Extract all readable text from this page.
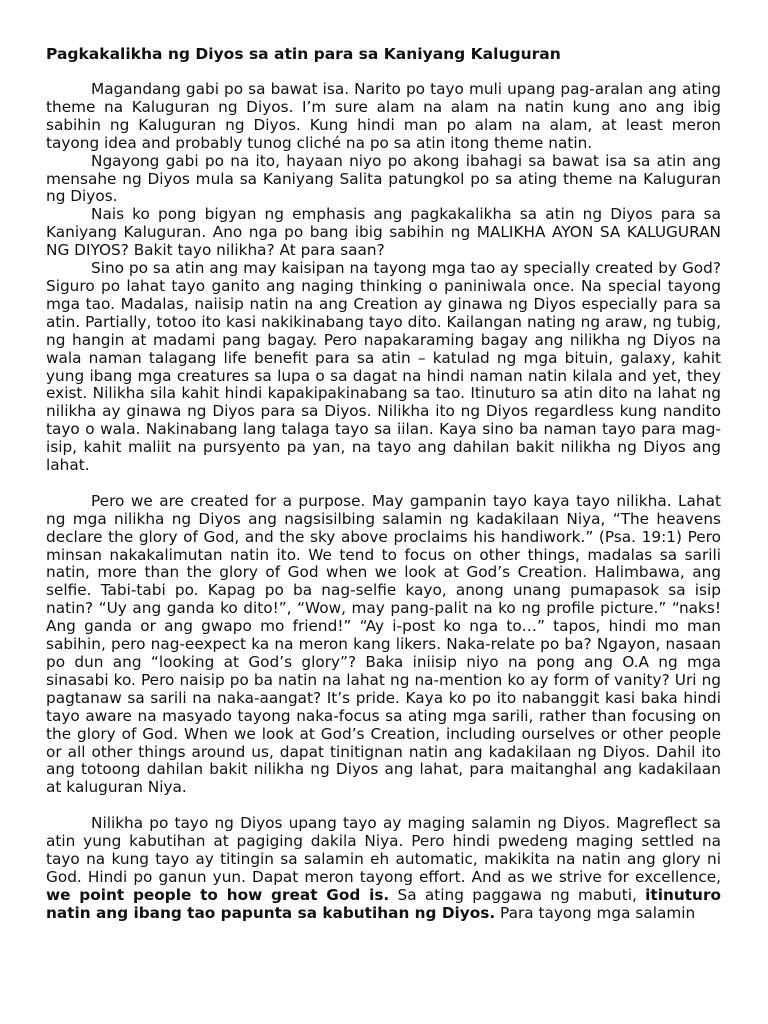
Pagkakalikha ng Diyos sa atin para sa Kaniyang Kaluguran

Magandang gabi po sa bawat isa. Narito po tayo muli upang pag-aralan ang ating theme na Kaluguran ng Diyos. I’m sure alam na alam na natin kung ano ang ibig sabihin ng Kaluguran ng Diyos. Kung hindi man po alam na alam, at least meron tayong idea and probably tunog cliché na po sa atin itong theme natin.

Ngayong gabi po na ito, hayaan niyo po akong ibahagi sa bawat isa sa atin ang mensahe ng Diyos mula sa Kaniyang Salita patungkol po sa ating theme na Kaluguran ng Diyos.

Nais ko pong bigyan ng emphasis ang pagkakalikha sa atin ng Diyos para sa Kaniyang Kaluguran. Ano nga po bang ibig sabihin ng MALIKHA AYON SA KALUGURAN NG DIYOS? Bakit tayo nilikha? At para saan?

Sino po sa atin ang may kaisipan na tayong mga tao ay specially created by God? Siguro po lahat tayo ganito ang naging thinking o paniniwala once. Na special tayong mga tao. Madalas, naiisip natin na ang Creation ay ginawa ng Diyos especially para sa atin. Partially, totoo ito kasi nakikinabang tayo dito. Kailangan nating ng araw, ng tubig, ng hangin at madami pang bagay. Pero napakaraming bagay ang nilikha ng Diyos na wala naman talagang life benefit para sa atin – katulad ng mga bituin, galaxy, kahit yung ibang mga creatures sa lupa o sa dagat na hindi naman natin kilala and yet, they exist. Nilikha sila kahit hindi kapakipakinabang sa tao. Itinuturo sa atin dito na lahat ng nilikha ay ginawa ng Diyos para sa Diyos. Nilikha ito ng Diyos regardless kung nandito tayo o wala. Nakinabang lang talaga tayo sa iilan. Kaya sino ba naman tayo para mag-isip, kahit maliit na pursyento pa yan, na tayo ang dahilan bakit nilikha ng Diyos ang lahat.

Pero we are created for a purpose. May gampanin tayo kaya tayo nilikha. Lahat ng mga nilikha ng Diyos ang nagsisilbing salamin ng kadakilaan Niya, “The heavens declare the glory of God, and the sky above proclaims his handiwork.” (Psa. 19:1) Pero minsan nakakalimutan natin ito. We tend to focus on other things, madalas sa sarili natin, more than the glory of God when we look at God’s Creation. Halimbawa, ang selfie. Tabi-tabi po. Kapag po ba nag-selfie kayo, anong unang pumapasok sa isip natin? “Uy ang ganda ko dito!”, “Wow, may pang-palit na ko ng profile picture.” “naks! Ang ganda or ang gwapo mo friend!” “Ay i-post ko nga to…” tapos, hindi mo man sabihin, pero nag-eexpect ka na meron kang likers. Naka-relate po ba? Ngayon, nasaan po dun ang “looking at God’s glory”? Baka iniisip niyo na pong ang O.A ng mga sinasabi ko. Pero naisip po ba natin na lahat ng na-mention ko ay form of vanity? Uri ng pagtanaw sa sarili na naka-aangat? It’s pride. Kaya ko po ito nabanggit kasi baka hindi tayo aware na masyado tayong naka-focus sa ating mga sarili, rather than focusing on the glory of God. When we look at God’s Creation, including ourselves or other people or all other things around us, dapat tinitignan natin ang kadakilaan ng Diyos. Dahil ito ang totoong dahilan bakit nilikha ng Diyos ang lahat, para maitanghal ang kadakilaan at kaluguran Niya.

Nilikha po tayo ng Diyos upang tayo ay maging salamin ng Diyos. Magreflect sa atin yung kabutihan at pagiging dakila Niya. Pero hindi pwedeng maging settled na tayo na kung tayo ay titingin sa salamin eh automatic, makikita na natin ang glory ni God. Hindi po ganun yun. Dapat meron tayong effort. And as we strive for excellence, we point people to how great God is. Sa ating paggawa ng mabuti, itinuturo natin ang ibang tao papunta sa kabutihan ng Diyos. Para tayong mga salamin
